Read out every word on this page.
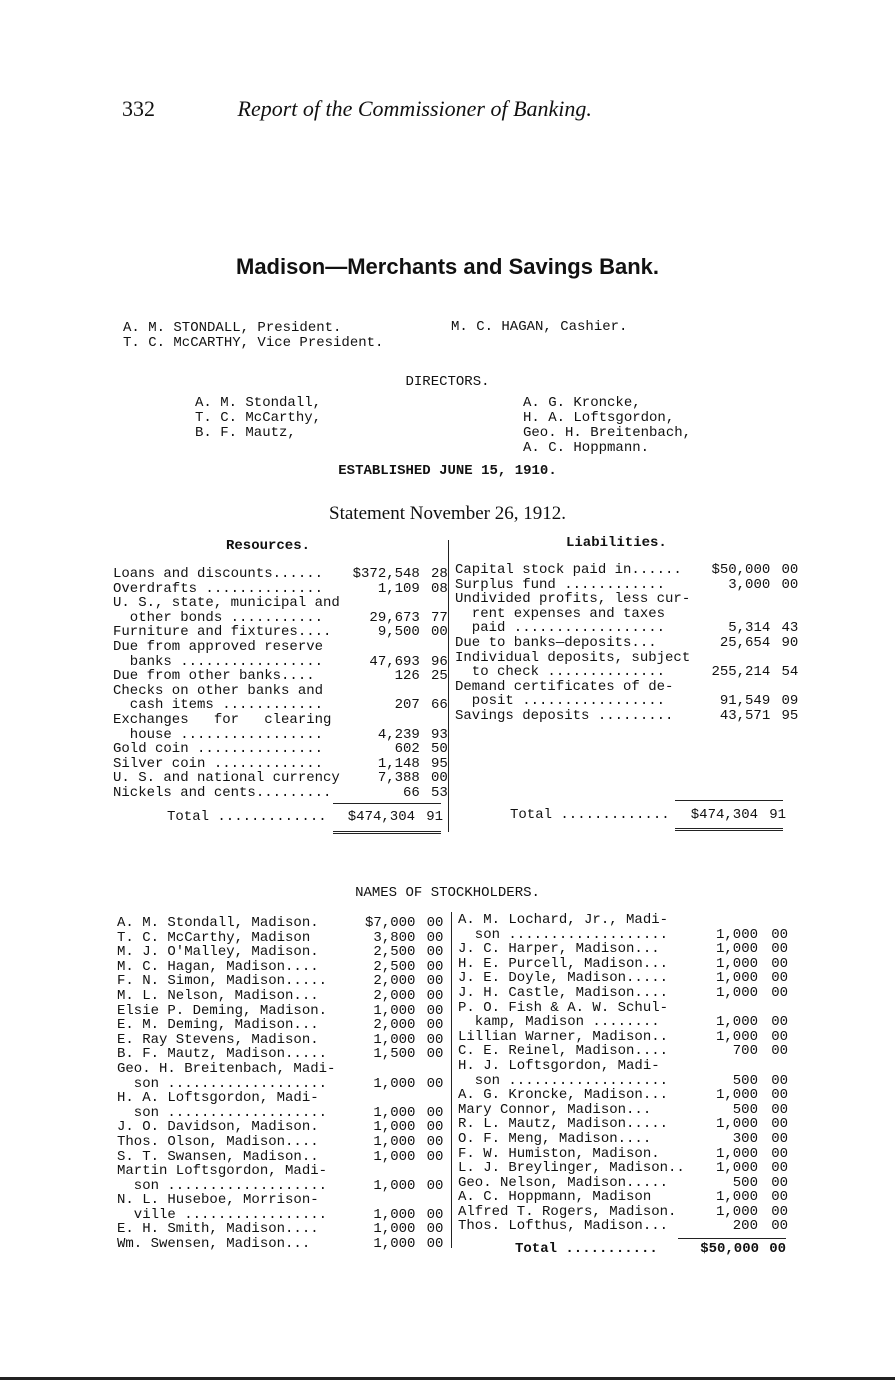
332	Report of the Commissioner of Banking.
Madison—Merchants and Savings Bank.
A. M. STONDALL, President.
T. C. McCARTHY, Vice President.
M. C. HAGAN, Cashier.
DIRECTORS.
A. M. Stondall,
T. C. McCarthy,
B. F. Mautz,
A. G. Kroncke,
H. A. Loftsgordon,
Geo. H. Breitenbach,
A. C. Hoppmann.
ESTABLISHED JUNE 15, 1910.
Statement November 26, 1912.
Resources.	Liabilities.
Loans and discounts......	$372,548	28
Overdrafts ..............	1,109	08
U. S., state, municipal and		
other bonds ...........	29,673	77
Furniture and fixtures....	9,500	00
Due from approved reserve		
banks .................	47,693	96
Due from other banks....	126	25
Checks on other banks and		
cash items ............	207	66
Exchanges   for   clearing		
house .................	4,239	93
Gold coin ...............	602	50
Silver coin .............	1,148	95
U. S. and national currency	7,388	00
Nickels and cents.........	66	53
Total .............	$474,304	91
Capital stock paid in......	$50,000	00
Surplus fund ............	3,000	00
Undivided profits, less cur-		
rent expenses and taxes		
paid ..................	5,314	43
Due to banks—deposits...	25,654	90
Individual deposits, subject		
to check ..............	255,214	54
Demand certificates of de-		
posit .................	91,549	09
Savings deposits .........	43,571	95
Total .............	$474,304	91
NAMES OF STOCKHOLDERS.
A. M. Stondall, Madison.	$7,000	00
T. C. McCarthy, Madison	3,800	00
M. J. O'Malley, Madison.	2,500	00
M. C. Hagan, Madison....	2,500	00
F. N. Simon, Madison.....	2,000	00
M. L. Nelson, Madison...	2,000	00
Elsie P. Deming, Madison.	1,000	00
E. M. Deming, Madison...	2,000	00
E. Ray Stevens, Madison.	1,000	00
B. F. Mautz, Madison.....	1,500	00
Geo. H. Breitenbach, Madi-		
son ...................	1,000	00
H. A. Loftsgordon, Madi-		
son ...................	1,000	00
J. O. Davidson, Madison.	1,000	00
Thos. Olson, Madison....	1,000	00
S. T. Swansen, Madison..	1,000	00
Martin Loftsgordon, Madi-		
son ...................	1,000	00
N. L. Huseboe, Morrison-		
ville .................	1,000	00
E. H. Smith, Madison....	1,000	00
Wm. Swensen, Madison...	1,000	00
A. M. Lochard, Jr., Madi-		
son ...................	1,000	00
J. C. Harper, Madison...	1,000	00
H. E. Purcell, Madison...	1,000	00
J. E. Doyle, Madison.....	1,000	00
J. H. Castle, Madison....	1,000	00
P. O. Fish & A. W. Schul-		
kamp, Madison ........	1,000	00
Lillian Warner, Madison..	1,000	00
C. E. Reinel, Madison....	700	00
H. J. Loftsgordon, Madi-		
son ...................	500	00
A. G. Kroncke, Madison...	1,000	00
Mary Connor, Madison...	500	00
R. L. Mautz, Madison.....	1,000	00
O. F. Meng, Madison....	300	00
F. W. Humiston, Madison.	1,000	00
L. J. Breylinger, Madison..	1,000	00
Geo. Nelson, Madison.....	500	00
A. C. Hoppmann, Madison	1,000	00
Alfred T. Rogers, Madison.	1,000	00
Thos. Lofthus, Madison...	200	00
Total ...........	$50,000	00
